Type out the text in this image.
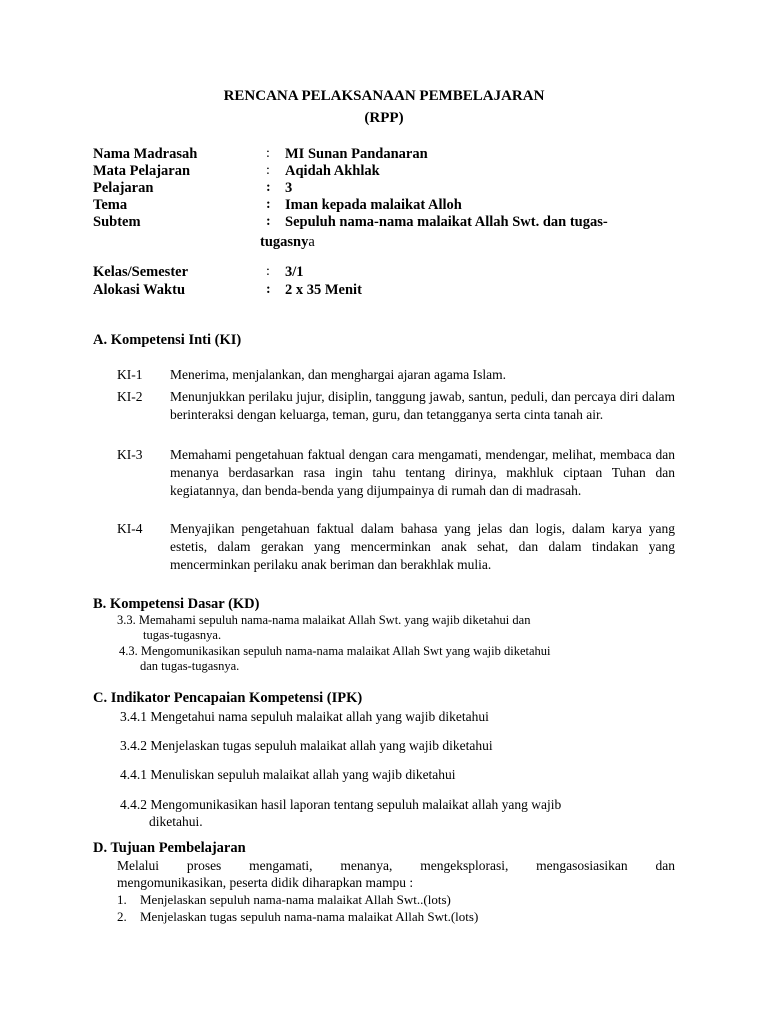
RENCANA PELAKSANAAN PEMBELAJARAN
(RPP)
Nama Madrasah	: MI Sunan Pandanaran
Mata Pelajaran	: Aqidah Akhlak
Pelajaran	: 3
Tema	: Iman kepada malaikat Alloh
Subtem	: Sepuluh nama-nama malaikat Allah Swt. dan tugas-
tugasnya
Kelas/Semester	: 3/1
Alokasi Waktu	: 2 x 35 Menit
A. Kompetensi Inti (KI)
KI-1 Menerima, menjalankan, dan menghargai ajaran agama Islam.
KI-2 Menunjukkan perilaku jujur, disiplin, tanggung jawab, santun, peduli, dan percaya diri dalam berinteraksi dengan keluarga, teman, guru, dan tetangganya serta cinta tanah air.
KI-3 Memahami pengetahuan faktual dengan cara mengamati, mendengar, melihat, membaca dan menanya berdasarkan rasa ingin tahu tentang dirinya, makhluk ciptaan Tuhan dan kegiatannya, dan benda-benda yang dijumpainya di rumah dan di madrasah.
KI-4 Menyajikan pengetahuan faktual dalam bahasa yang jelas dan logis, dalam karya yang estetis, dalam gerakan yang mencerminkan anak sehat, dan dalam tindakan yang mencerminkan perilaku anak beriman dan berakhlak mulia.
B. Kompetensi Dasar (KD)
3.3. Memahami sepuluh nama-nama malaikat Allah Swt. yang wajib diketahui dan
tugas-tugasnya.
4.3. Mengomunikasikan sepuluh nama-nama malaikat Allah Swt yang wajib diketahui
dan tugas-tugasnya.
C. Indikator Pencapaian Kompetensi (IPK)
3.4.1 Mengetahui nama sepuluh malaikat allah yang wajib diketahui
3.4.2 Menjelaskan tugas sepuluh malaikat allah yang wajib diketahui
4.4.1 Menuliskan sepuluh malaikat allah yang wajib diketahui
4.4.2 Mengomunikasikan hasil laporan tentang sepuluh malaikat allah yang wajib
diketahui.
D. Tujuan Pembelajaran
Melalui proses mengamati, menanya, mengeksplorasi, mengasosiasikan dan
mengomunikasikan, peserta didik diharapkan mampu :
1. Menjelaskan sepuluh nama-nama malaikat Allah Swt..(lots)
2. Menjelaskan tugas sepuluh nama-nama malaikat Allah Swt.(lots)
